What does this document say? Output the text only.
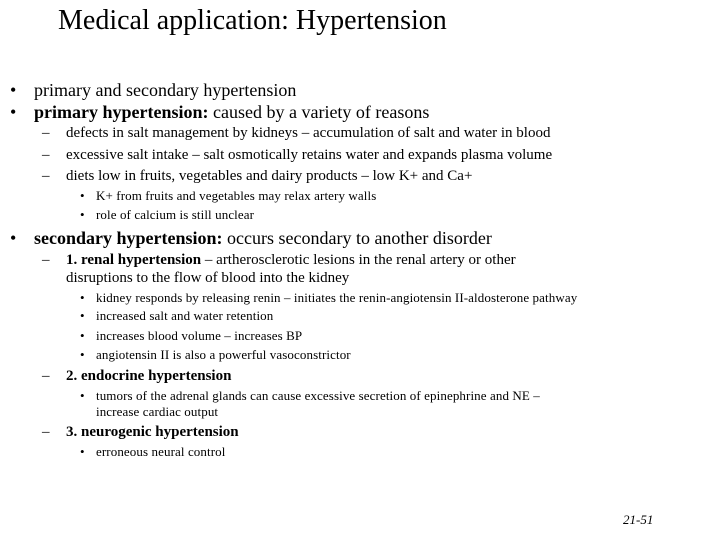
Medical application: Hypertension
• primary and secondary hypertension
• primary hypertension: caused by a variety of reasons
– defects in salt management by kidneys – accumulation of salt and water in blood
– excessive salt intake – salt osmotically retains water and expands plasma volume
– diets low in fruits, vegetables and dairy products – low K+ and Ca+
• K+ from fruits and vegetables may relax artery walls
• role of calcium is still unclear
• secondary hypertension: occurs secondary to another disorder
– 1. renal hypertension – artherosclerotic lesions in the renal artery or other
disruptions to the flow of blood into the kidney
• kidney responds by releasing renin – initiates the renin-angiotensin II-aldosterone pathway
• increased salt and water retention
• increases blood volume – increases BP
• angiotensin II is also a powerful vasoconstrictor
– 2. endocrine hypertension
• tumors of the adrenal glands can cause excessive secretion of epinephrine and NE –
increase cardiac output
– 3. neurogenic hypertension
• erroneous neural control
21-51
